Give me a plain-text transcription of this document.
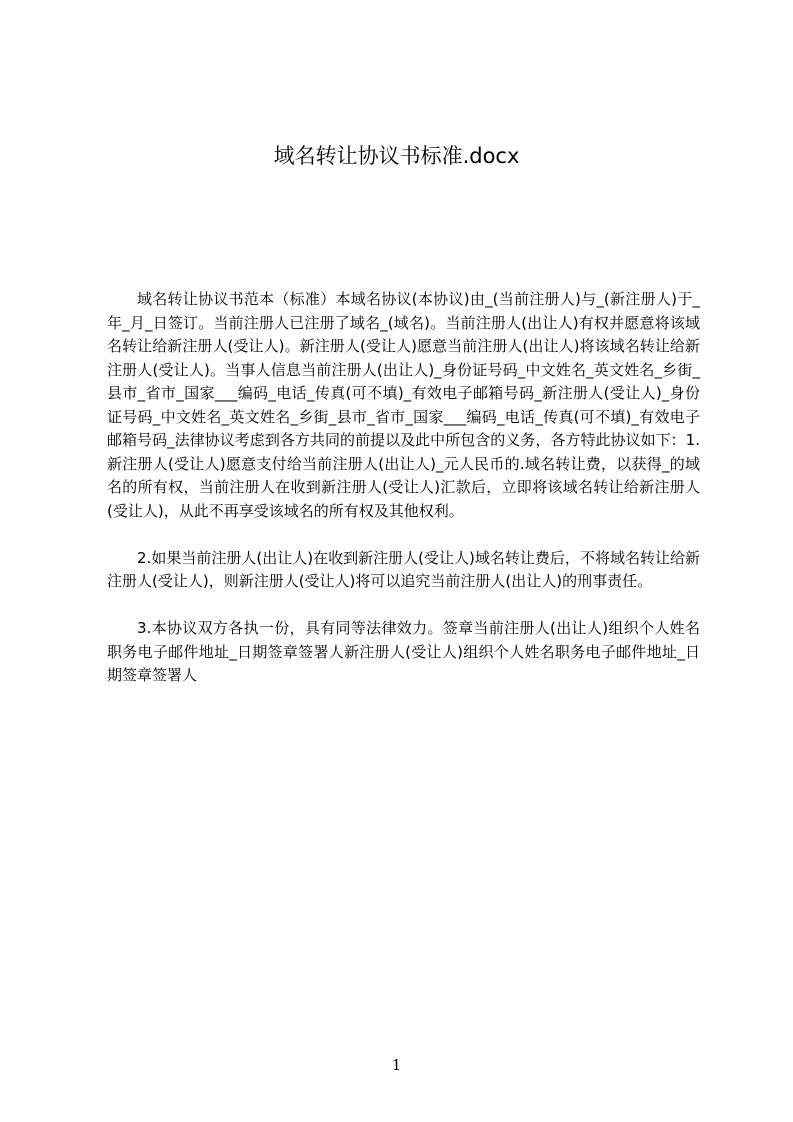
域名转让协议书标准.docx

域名转让协议书范本（标准）本域名协议(本协议)由_(当前注册人)与_(新注册人)于_年_月_日签订。当前注册人已注册了域名_(域名)。当前注册人(出让人)有权并愿意将该域名转让给新注册人(受让人)。新注册人(受让人)愿意当前注册人(出让人)将该域名转让给新注册人(受让人)。当事人信息当前注册人(出让人)_身份证号码_中文姓名_英文姓名_乡街_县市_省市_国家___编码_电话_传真(可不填)_有效电子邮箱号码_新注册人(受让人)_身份证号码_中文姓名_英文姓名_乡街_县市_省市_国家___编码_电话_传真(可不填)_有效电子邮箱号码_法律协议考虑到各方共同的前提以及此中所包含的义务，各方特此协议如下：1.新注册人(受让人)愿意支付给当前注册人(出让人)_元人民币的.域名转让费，以获得_的域名的所有权，当前注册人在收到新注册人(受让人)汇款后，立即将该域名转让给新注册人(受让人)，从此不再享受该域名的所有权及其他权利。

2.如果当前注册人(出让人)在收到新注册人(受让人)域名转让费后，不将域名转让给新注册人(受让人)，则新注册人(受让人)将可以追究当前注册人(出让人)的刑事责任。

3.本协议双方各执一份，具有同等法律效力。签章当前注册人(出让人)组织个人姓名职务电子邮件地址_日期签章签署人新注册人(受让人)组织个人姓名职务电子邮件地址_日期签章签署人

1
